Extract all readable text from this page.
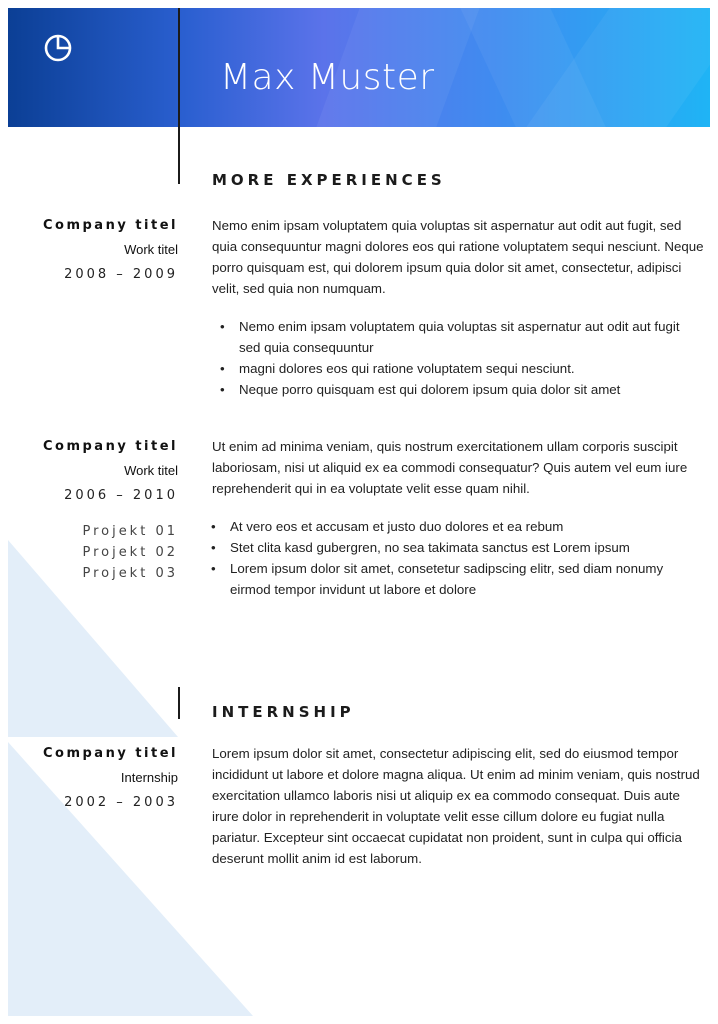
Max Muster
MORE EXPERIENCES
Company titel
Work titel
2008 – 2009

Nemo enim ipsam voluptatem quia voluptas sit aspernatur aut odit aut fugit, sed quia consequuntur magni dolores eos qui ratione voluptatem sequi nesciunt. Neque porro quisquam est, qui dolorem ipsum quia dolor sit amet, consectetur, adipisci velit, sed quia non numquam.

• Nemo enim ipsam voluptatem quia voluptas sit aspernatur aut odit aut fugit sed quia consequuntur
• magni dolores eos qui ratione voluptatem sequi nesciunt.
• Neque porro quisquam est qui dolorem ipsum quia dolor sit amet
Company titel
Work titel
2006 – 2010
Projekt 01
Projekt 02
Projekt 03

Ut enim ad minima veniam, quis nostrum exercitationem ullam corporis suscipit laboriosam, nisi ut aliquid ex ea commodi consequatur? Quis autem vel eum iure reprehenderit qui in ea voluptate velit esse quam nihil.

• At vero eos et accusam et justo duo dolores et ea rebum
• Stet clita kasd gubergren, no sea takimata sanctus est Lorem ipsum
• Lorem ipsum dolor sit amet, consetetur sadipscing elitr, sed diam nonumy eirmod tempor invidunt ut labore et dolore
INTERNSHIP
Company titel
Internship
2002 – 2003

Lorem ipsum dolor sit amet, consectetur adipiscing elit, sed do eiusmod tempor incididunt ut labore et dolore magna aliqua. Ut enim ad minim veniam, quis nostrud exercitation ullamco laboris nisi ut aliquip ex ea commodo consequat. Duis aute irure dolor in reprehenderit in voluptate velit esse cillum dolore eu fugiat nulla pariatur. Excepteur sint occaecat cupidatat non proident, sunt in culpa qui officia deserunt mollit anim id est laborum.
